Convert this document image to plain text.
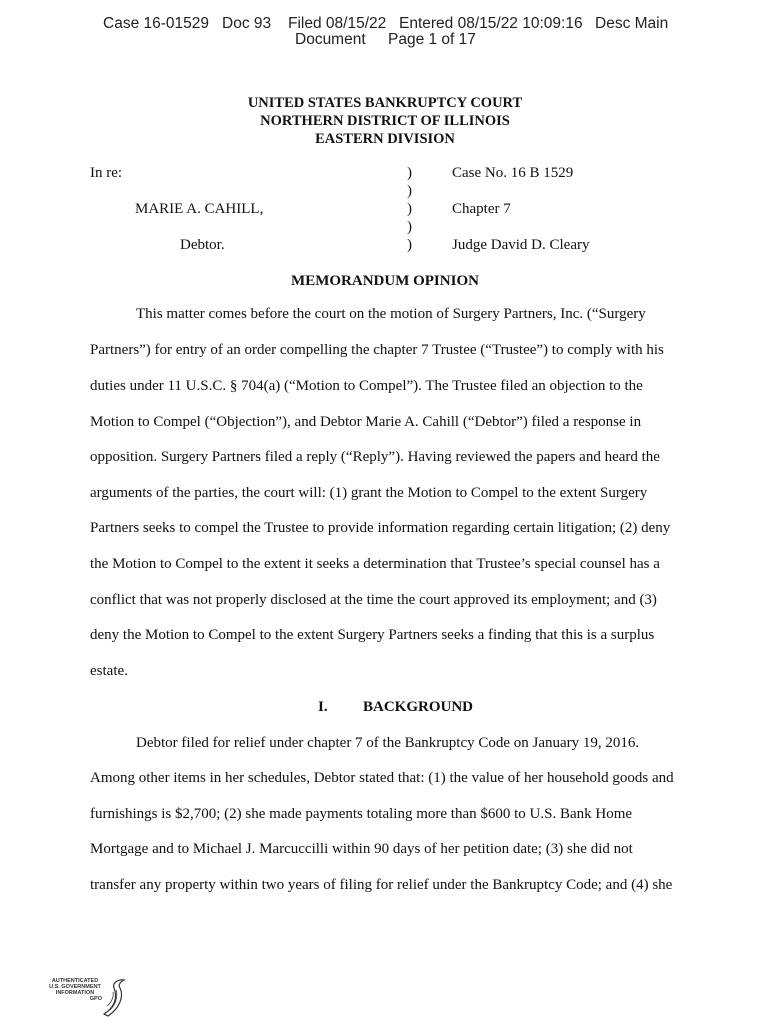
Case 16-01529 Doc 93 Filed 08/15/22 Entered 08/15/22 10:09:16 Desc Main
Document Page 1 of 17
UNITED STATES BANKRUPTCY COURT
NORTHERN DISTRICT OF ILLINOIS
EASTERN DIVISION
In re:
MARIE A. CAHILL,
Debtor.
)
)
)
)
)
Case No. 16 B 1529
Chapter 7
Judge David D. Cleary
MEMORANDUM OPINION
This matter comes before the court on the motion of Surgery Partners, Inc. (“Surgery
Partners”) for entry of an order compelling the chapter 7 Trustee (“Trustee”) to comply with his
duties under 11 U.S.C. § 704(a) (“Motion to Compel”). The Trustee filed an objection to the
Motion to Compel (“Objection”), and Debtor Marie A. Cahill (“Debtor”) filed a response in
opposition. Surgery Partners filed a reply (“Reply”). Having reviewed the papers and heard the
arguments of the parties, the court will: (1) grant the Motion to Compel to the extent Surgery
Partners seeks to compel the Trustee to provide information regarding certain litigation; (2) deny
the Motion to Compel to the extent it seeks a determination that Trustee’s special counsel has a
conflict that was not properly disclosed at the time the court approved its employment; and (3)
deny the Motion to Compel to the extent Surgery Partners seeks a finding that this is a surplus
estate.
I. BACKGROUND
Debtor filed for relief under chapter 7 of the Bankruptcy Code on January 19, 2016.
Among other items in her schedules, Debtor stated that: (1) the value of her household goods and
furnishings is $2,700; (2) she made payments totaling more than $600 to U.S. Bank Home
Mortgage and to Michael J. Marcuccilli within 90 days of her petition date; (3) she did not
transfer any property within two years of filing for relief under the Bankruptcy Code; and (4) she
AUTHENTICATED
U.S. GOVERNMENT
INFORMATION
GPO
